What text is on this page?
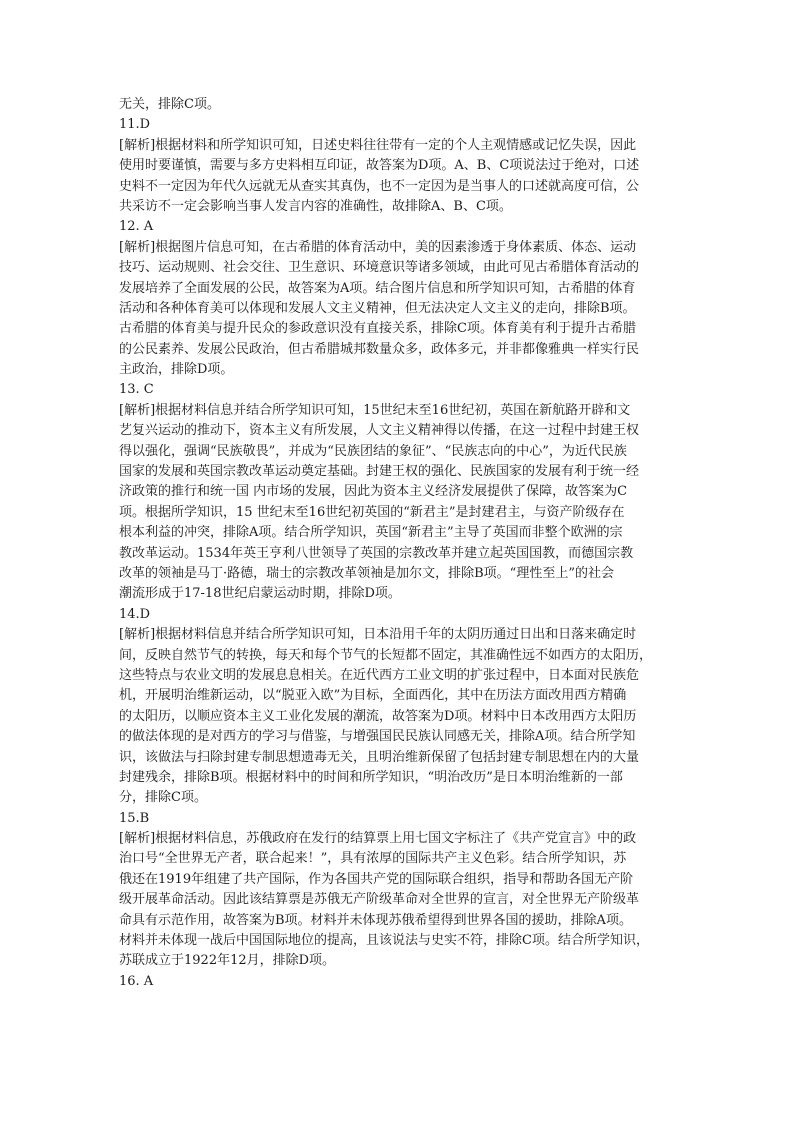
无关，排除C项。
11.D
[解析]根据材料和所学知识可知，日述史料往往带有一定的个人主观情感或记忆失误，因此
使用时要谨慎，需要与多方史料相互印证，故答案为D项。A、B、C项说法过于绝对，口述
史料不一定因为年代久远就无从查实其真伪，也不一定因为是当事人的口述就高度可信，公
共采访不一定会影响当事人发言内容的准确性，故排除A、B、C项。
12. A
[解析]根据图片信息可知，在古希腊的体育活动中，美的因素渗透于身体素质、体态、运动
技巧、运动规则、社会交往、卫生意识、环境意识等诸多领域，由此可见古希腊体育活动的
发展培养了全面发展的公民，故答案为A项。结合图片信息和所学知识可知，古希腊的体育
活动和各种体育美可以体现和发展人文主义精神，但无法决定人文主义的走向，排除B项。
古希腊的体育美与提升民众的参政意识没有直接关系，排除C项。体育美有利于提升古希腊
的公民素养、发展公民政治，但古希腊城邦数量众多，政体多元，并非都像雅典一样实行民
主政治，排除D项。
13. C
[解析]根据材料信息并结合所学知识可知，15世纪末至16世纪初，英国在新航路开辟和文
艺复兴运动的推动下，资本主义有所发展，人文主义精神得以传播，在这一过程中封建王权
得以强化，强调“民族敬畏”，并成为“民族团结的象征”、“民族志向的中心”，为近代民族
国家的发展和英国宗教改革运动奠定基础。封建王权的强化、民族国家的发展有利于统一经
济政策的推行和统一国 内市场的发展，因此为资本主义经济发展提供了保障，故答案为C
项。根据所学知识，15 世纪末至16世纪初英国的“新君主”是封建君主，与资产阶级存在
根本利益的冲突，排除A项。结合所学知识，英国“新君主”主导了英国而非整个欧洲的宗
教改革运动。1534年英王亨利八世领导了英国的宗教改革并建立起英国国教，而德国宗教
改革的领袖是马丁·路德，瑞士的宗教改革领袖是加尔文，排除B项。“理性至上”的社会
潮流形成于17-18世纪启蒙运动时期，排除D项。
14.D
[解析]根据材料信息并结合所学知识可知，日本沿用千年的太阴历通过日出和日落来确定时
间，反映自然节气的转换，每天和每个节气的长短都不固定，其准确性远不如西方的太阳历，
这些特点与农业文明的发展息息相关。在近代西方工业文明的扩张过程中，日本面对民族危
机，开展明治维新运动，以“脱亚入欧”为目标，全面西化，其中在历法方面改用西方精确
的太阳历，以顺应资本主义工业化发展的潮流，故答案为D项。材料中日本改用西方太阳历
的做法体现的是对西方的学习与借鉴，与增强国民民族认同感无关，排除A项。结合所学知
识，该做法与扫除封建专制思想遗毒无关，且明治维新保留了包括封建专制思想在内的大量
封建残余，排除B项。根据材料中的时间和所学知识，“明治改历”是日本明治维新的一部
分，排除C项。
15.B
[解析]根据材料信息，苏俄政府在发行的结算票上用七国文字标注了《共产党宣言》中的政
治口号“全世界无产者，联合起来！”，具有浓厚的国际共产主义色彩。结合所学知识，苏
俄还在1919年组建了共产国际，作为各国共产党的国际联合组织，指导和帮助各国无产阶
级开展革命活动。因此该结算票是苏俄无产阶级革命对全世界的宣言，对全世界无产阶级革
命具有示范作用，故答案为B项。材料并未体现苏俄希望得到世界各国的援助，排除A项。
材料并未体现一战后中国国际地位的提高，且该说法与史实不符，排除C项。结合所学知识，
苏联成立于1922年12月，排除D项。
16. A
